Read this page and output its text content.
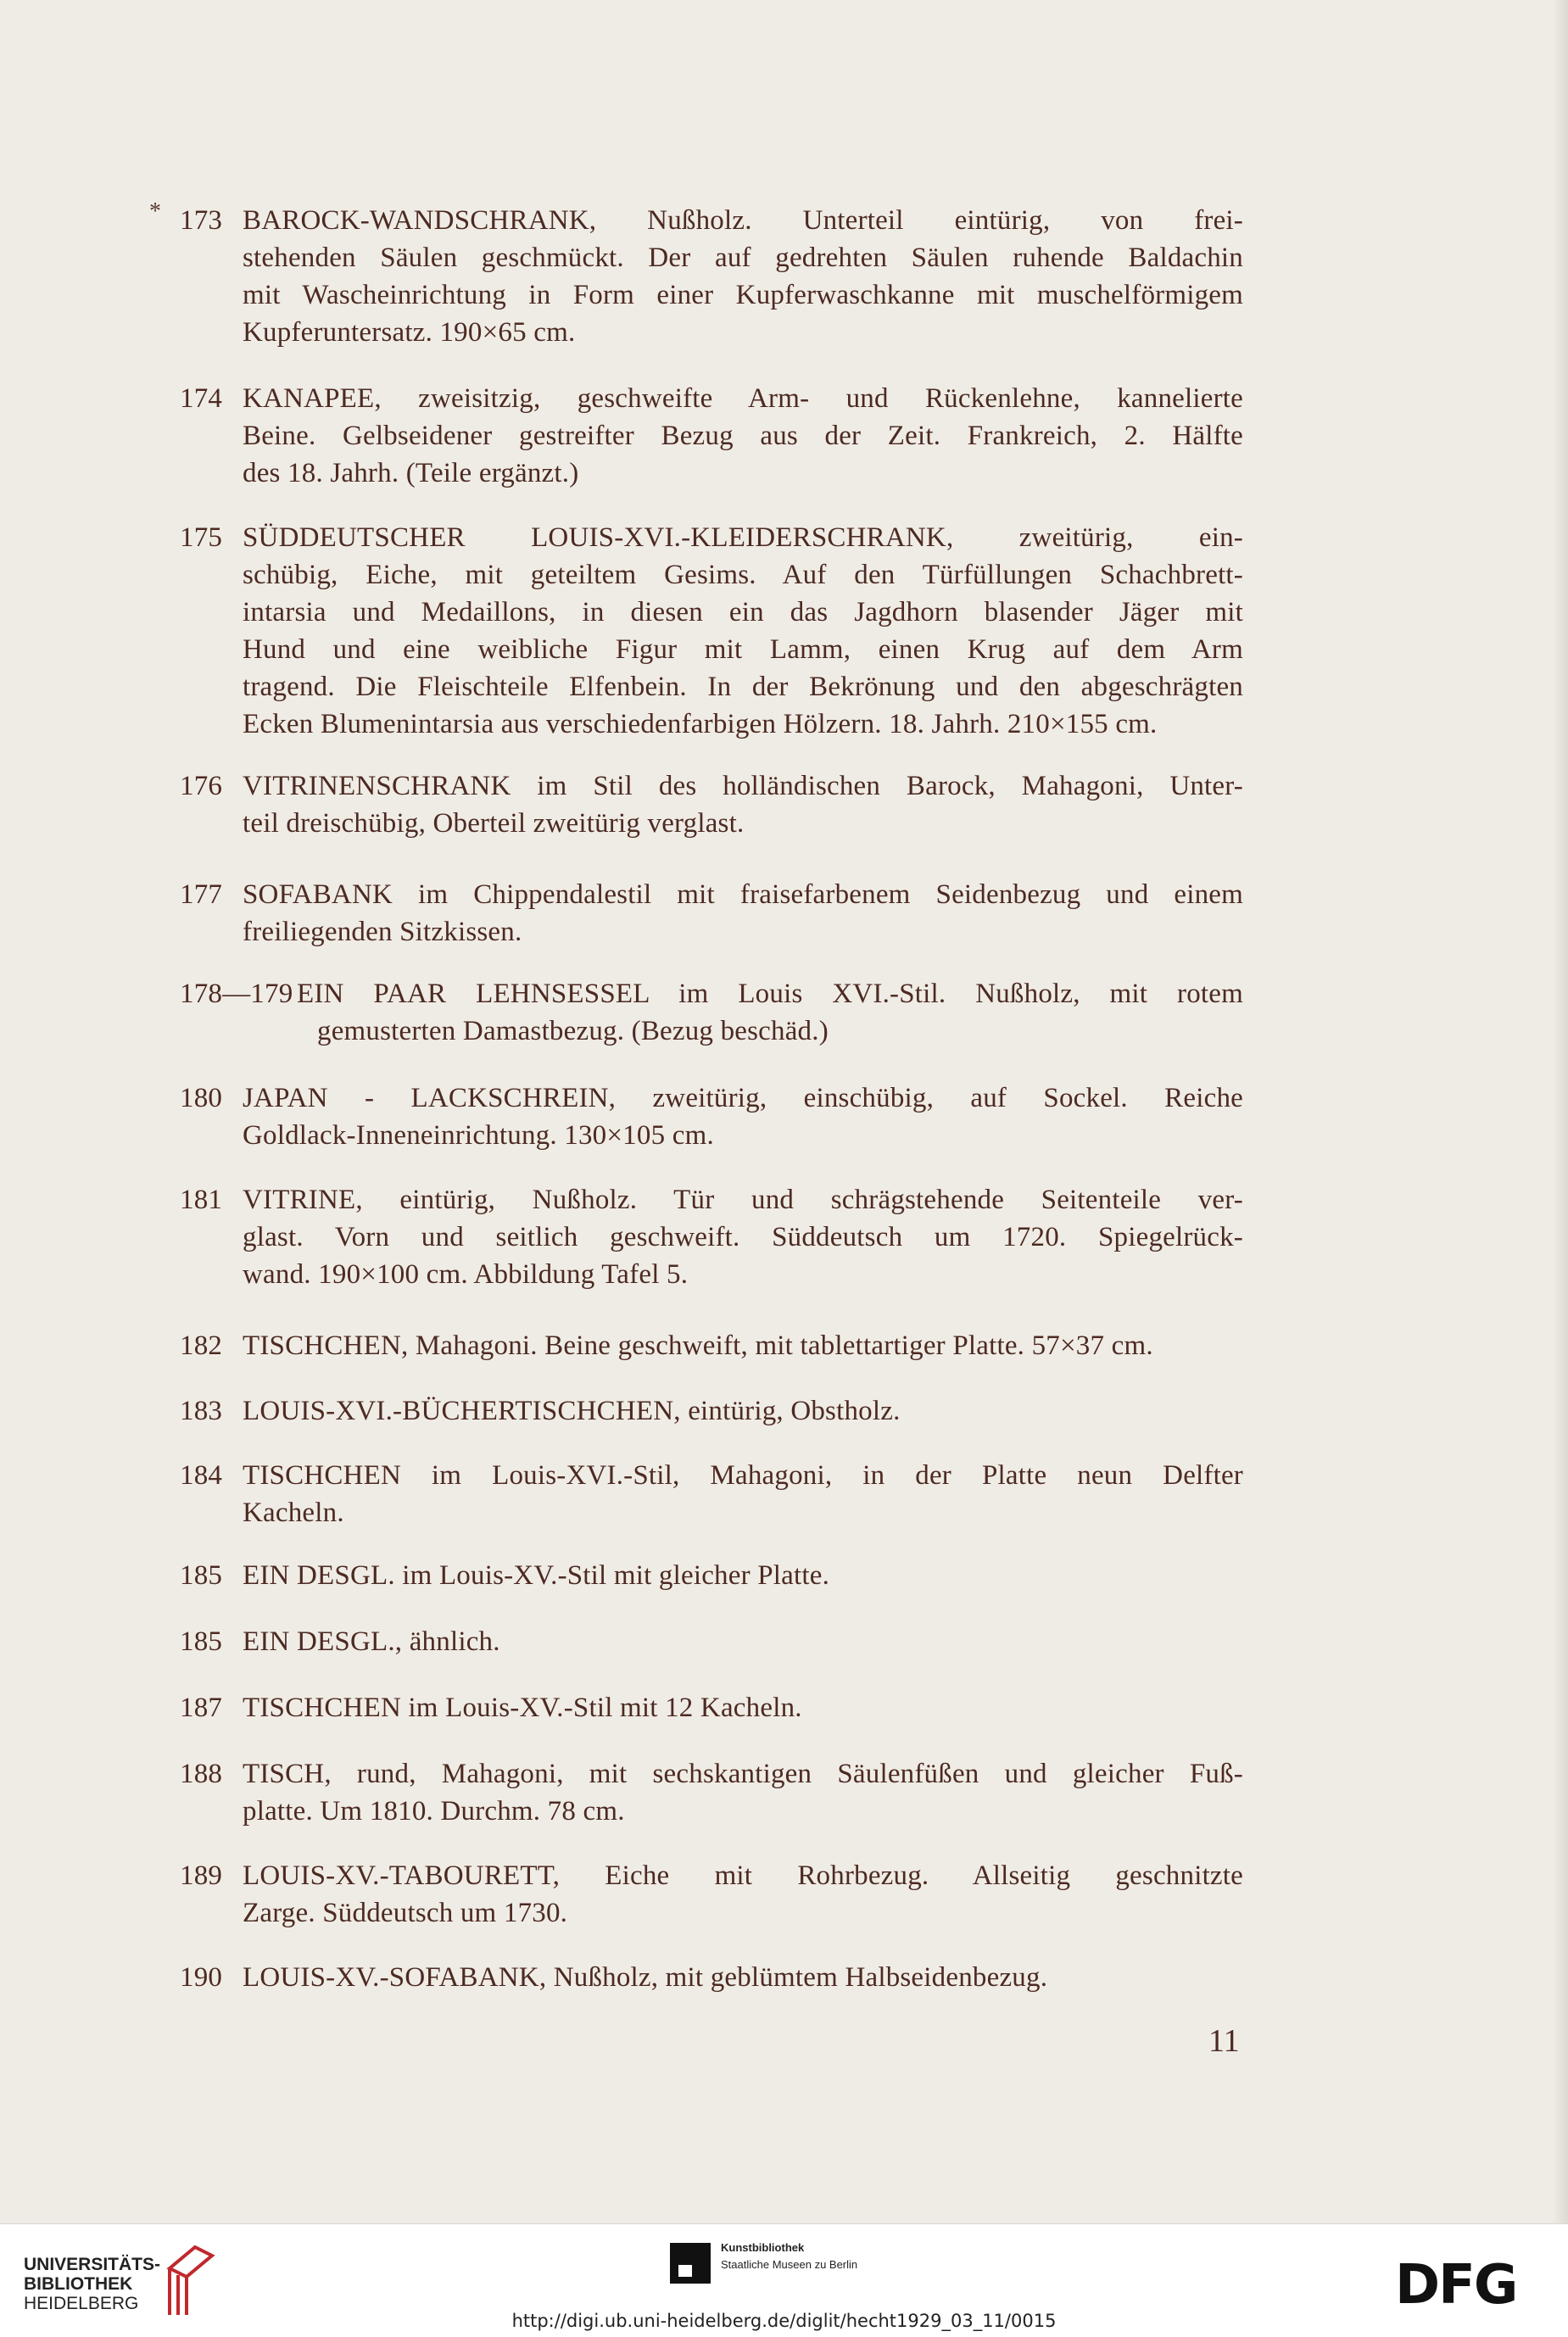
* 173 BAROCK-WANDSCHRANK, Nußholz. Unterteil eintürig, von frei-
stehenden Säulen geschmückt. Der auf gedrehten Säulen ruhende Baldachin
mit Wascheinrichtung in Form einer Kupferwaschkanne mit muschelförmigem
Kupferuntersatz. 190×65 cm.
174 KANAPEE, zweisitzig, geschweifte Arm- und Rückenlehne, kannelierte
Beine. Gelbseidener gestreifter Bezug aus der Zeit. Frankreich, 2. Hälfte
des 18. Jahrh. (Teile ergänzt.)
175 SÜDDEUTSCHER LOUIS-XVI.-KLEIDERSCHRANK, zweitürig, ein-
schübig, Eiche, mit geteiltem Gesims. Auf den Türfüllungen Schachbrett-
intarsia und Medaillons, in diesen ein das Jagdhorn blasender Jäger mit
Hund und eine weibliche Figur mit Lamm, einen Krug auf dem Arm
tragend. Die Fleischteile Elfenbein. In der Bekrönung und den abgeschrägten
Ecken Blumenintarsia aus verschiedenfarbigen Hölzern. 18. Jahrh. 210×155 cm.
176 VITRINENSCHRANK im Stil des holländischen Barock, Mahagoni, Unter-
teil dreischübig, Oberteil zweitürig verglast.
177 SOFABANK im Chippendalestil mit fraisefarbenem Seidenbezug und einem
freiliegenden Sitzkissen.
178—179 EIN PAAR LEHNSESSEL im Louis XVI.-Stil. Nußholz, mit rotem
gemusterten Damastbezug. (Bezug beschäd.)
180 JAPAN - LACKSCHREIN, zweitürig, einschübig, auf Sockel. Reiche
Goldlack-Inneneinrichtung. 130×105 cm.
181 VITRINE, eintürig, Nußholz. Tür und schrägstehende Seitenteile ver-
glast. Vorn und seitlich geschweift. Süddeutsch um 1720. Spiegelrück-
wand. 190×100 cm. Abbildung Tafel 5.
182 TISCHCHEN, Mahagoni. Beine geschweift, mit tablettartiger Platte. 57×37 cm.
183 LOUIS-XVI.-BÜCHERTISCHCHEN, eintürig, Obstholz.
184 TISCHCHEN im Louis-XVI.-Stil, Mahagoni, in der Platte neun Delfter
Kacheln.
185 EIN DESGL. im Louis-XV.-Stil mit gleicher Platte.
185 EIN DESGL., ähnlich.
187 TISCHCHEN im Louis-XV.-Stil mit 12 Kacheln.
188 TISCH, rund, Mahagoni, mit sechskantigen Säulenfüßen und gleicher Fuß-
platte. Um 1810. Durchm. 78 cm.
189 LOUIS-XV.-TABOURETT, Eiche mit Rohrbezug. Allseitig geschnitzte
Zarge. Süddeutsch um 1730.
190 LOUIS-XV.-SOFABANK, Nußholz, mit geblümtem Halbseidenbezug.
11
UNIVERSITÄTS-
BIBLIOTHEK
HEIDELBERG
Kunstbibliothek
Staatliche Museen zu Berlin	DFG
http://digi.ub.uni-heidelberg.de/diglit/hecht1929_03_11/0015
